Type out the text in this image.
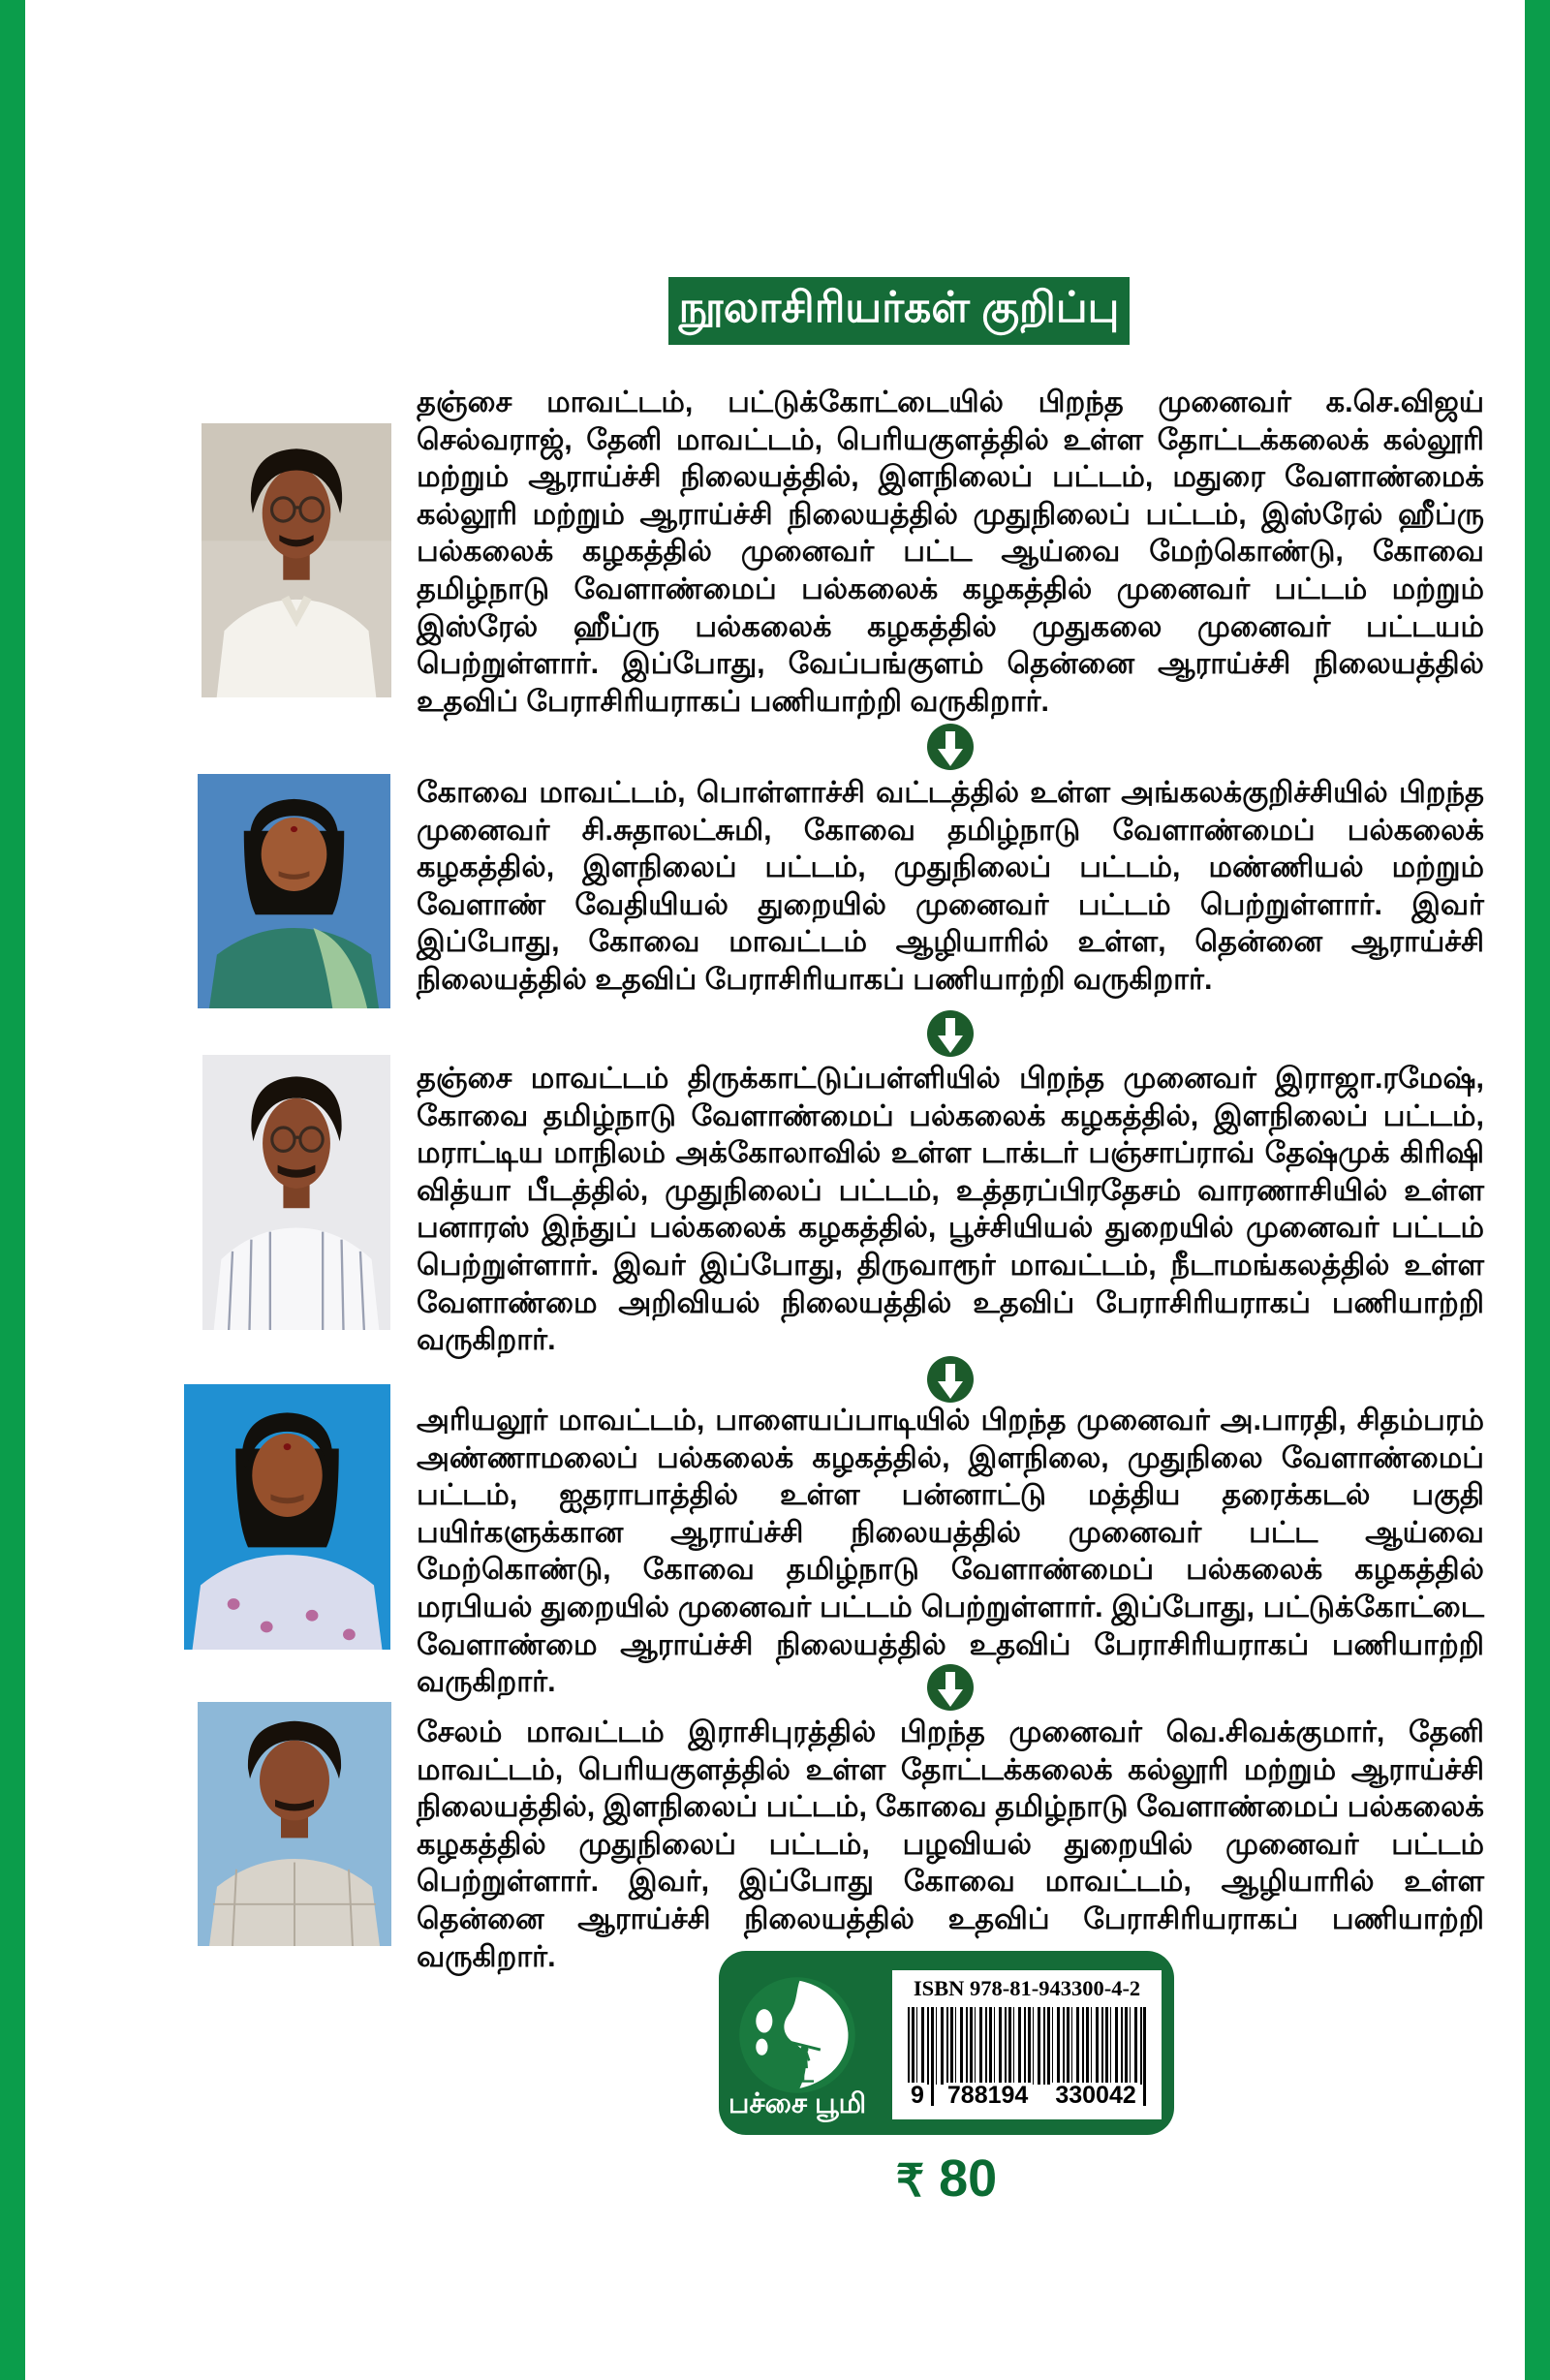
நூலாசிரியர்கள் குறிப்பு

தஞ்சை மாவட்டம், பட்டுக்கோட்டையில் பிறந்த முனைவர் க.செ.விஜய் செல்வராஜ், தேனி மாவட்டம், பெரியகுளத்தில் உள்ள தோட்டக்கலைக் கல்லூரி மற்றும் ஆராய்ச்சி நிலையத்தில், இளநிலைப் பட்டம், மதுரை வேளாண்மைக் கல்லூரி மற்றும் ஆராய்ச்சி நிலையத்தில் முதுநிலைப் பட்டம், இஸ்ரேல் ஹீப்ரு பல்கலைக் கழகத்தில் முனைவர் பட்ட ஆய்வை மேற்கொண்டு, கோவை தமிழ்நாடு வேளாண்மைப் பல்கலைக் கழகத்தில் முனைவர் பட்டம் மற்றும் இஸ்ரேல் ஹீப்ரு பல்கலைக் கழகத்தில் முதுகலை முனைவர் பட்டயம் பெற்றுள்ளார். இப்போது, வேப்பங்குளம் தென்னை ஆராய்ச்சி நிலையத்தில் உதவிப் பேராசிரியராகப் பணியாற்றி வருகிறார்.

கோவை மாவட்டம், பொள்ளாச்சி வட்டத்தில் உள்ள அங்கலக்குறிச்சியில் பிறந்த முனைவர் சி.சுதாலட்சுமி, கோவை தமிழ்நாடு வேளாண்மைப் பல்கலைக் கழகத்தில், இளநிலைப் பட்டம், முதுநிலைப் பட்டம், மண்ணியல் மற்றும் வேளாண் வேதியியல் துறையில் முனைவர் பட்டம் பெற்றுள்ளார். இவர் இப்போது, கோவை மாவட்டம் ஆழியாரில் உள்ள, தென்னை ஆராய்ச்சி நிலையத்தில் உதவிப் பேராசிரியாகப் பணியாற்றி வருகிறார்.

தஞ்சை மாவட்டம் திருக்காட்டுப்பள்ளியில் பிறந்த முனைவர் இராஜா.ரமேஷ், கோவை தமிழ்நாடு வேளாண்மைப் பல்கலைக் கழகத்தில், இளநிலைப் பட்டம், மராட்டிய மாநிலம் அக்கோலாவில் உள்ள டாக்டர் பஞ்சாப்ராவ் தேஷ்முக் கிரிஷி வித்யா பீடத்தில், முதுநிலைப் பட்டம், உத்தரப்பிரதேசம் வாரணாசியில் உள்ள பனாரஸ் இந்துப் பல்கலைக் கழகத்தில், பூச்சியியல் துறையில் முனைவர் பட்டம் பெற்றுள்ளார். இவர் இப்போது, திருவாரூர் மாவட்டம், நீடாமங்கலத்தில் உள்ள வேளாண்மை அறிவியல் நிலையத்தில் உதவிப் பேராசிரியராகப் பணியாற்றி வருகிறார்.

அரியலூர் மாவட்டம், பாளையப்பாடியில் பிறந்த முனைவர் அ.பாரதி, சிதம்பரம் அண்ணாமலைப் பல்கலைக் கழகத்தில், இளநிலை, முதுநிலை வேளாண்மைப் பட்டம், ஐதராபாத்தில் உள்ள பன்னாட்டு மத்திய தரைக்கடல் பகுதி பயிர்களுக்கான ஆராய்ச்சி நிலையத்தில் முனைவர் பட்ட ஆய்வை மேற்கொண்டு, கோவை தமிழ்நாடு வேளாண்மைப் பல்கலைக் கழகத்தில் மரபியல் துறையில் முனைவர் பட்டம் பெற்றுள்ளார். இப்போது, பட்டுக்கோட்டை வேளாண்மை ஆராய்ச்சி நிலையத்தில் உதவிப் பேராசிரியராகப் பணியாற்றி வருகிறார்.

சேலம் மாவட்டம் இராசிபுரத்தில் பிறந்த முனைவர் வெ.சிவக்குமார், தேனி மாவட்டம், பெரியகுளத்தில் உள்ள தோட்டக்கலைக் கல்லூரி மற்றும் ஆராய்ச்சி நிலையத்தில், இளநிலைப் பட்டம், கோவை தமிழ்நாடு வேளாண்மைப் பல்கலைக் கழகத்தில் முதுநிலைப் பட்டம், பழவியல் துறையில் முனைவர் பட்டம் பெற்றுள்ளார். இவர், இப்போது கோவை மாவட்டம், ஆழியாரில் உள்ள தென்னை ஆராய்ச்சி நிலையத்தில் உதவிப் பேராசிரியராகப் பணியாற்றி வருகிறார்.

பச்சை பூமி
ISBN 978-81-943300-4-2
9 788194 330042
₹ 80
